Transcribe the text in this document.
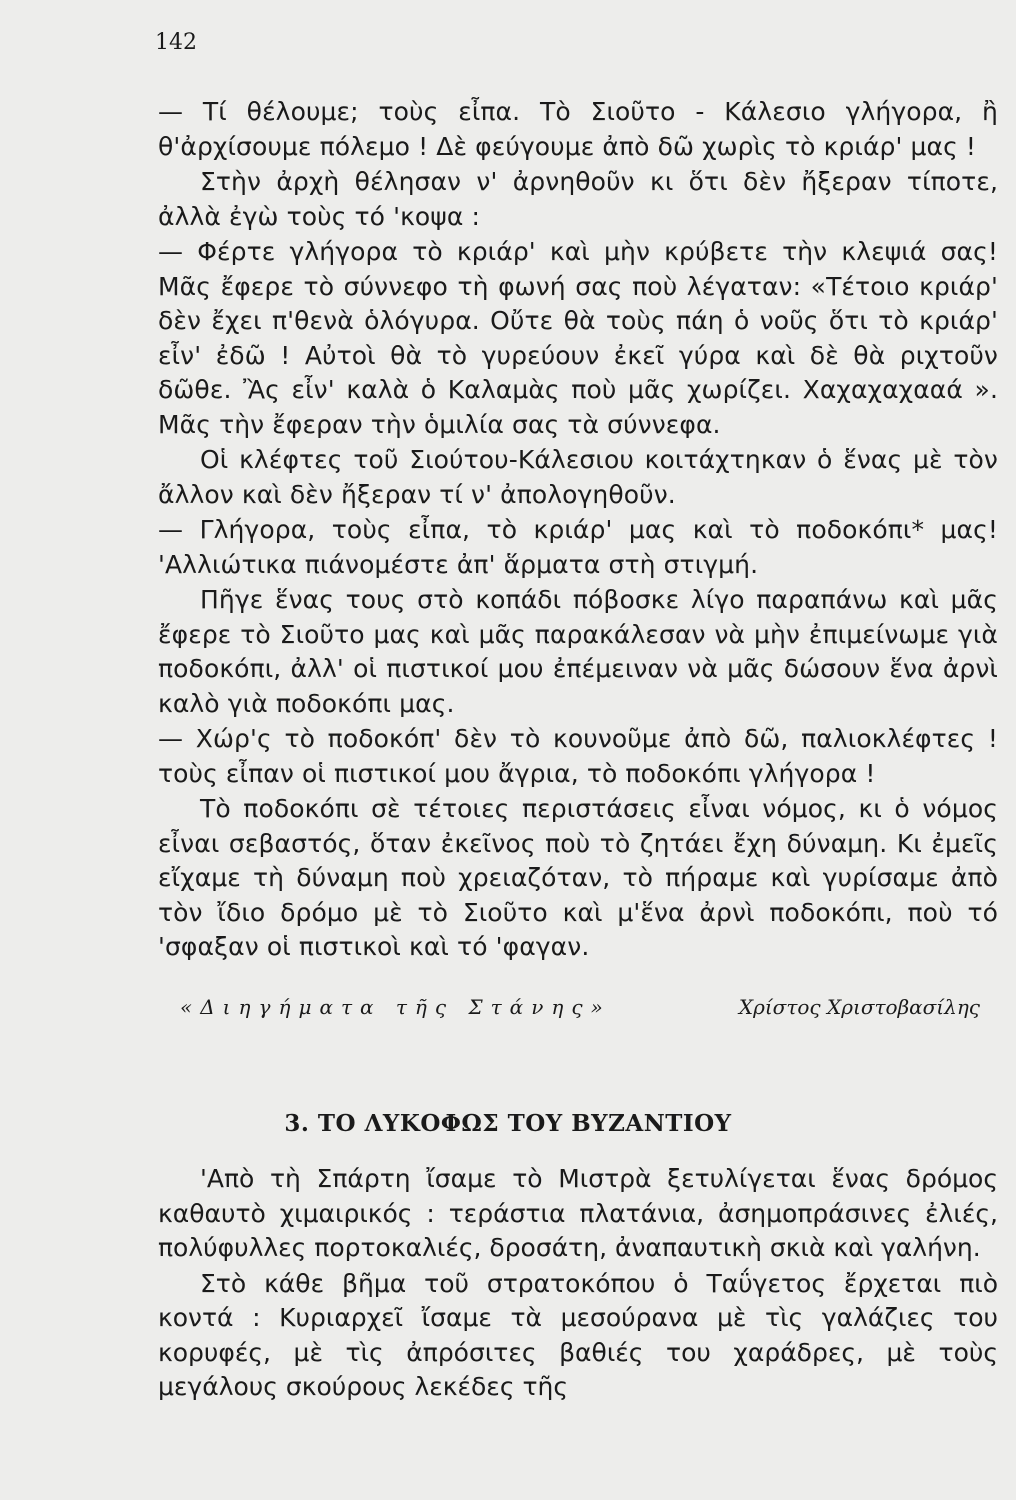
142

— Τί θέλουμε; τοὺς εἶπα. Τὸ Σιοῦτο - Κάλεσιο γλήγορα, ἢ θ'ἀρχίσουμε πόλεμο ! Δὲ φεύγουμε ἀπὸ δῶ χωρὶς τὸ κριάρ' μας !

Στὴν ἀρχὴ θέλησαν ν' ἀρνηθοῦν κι ὅτι δὲν ἤξεραν τίποτε, ἀλλὰ ἐγὼ τοὺς τό 'κοψα :

— Φέρτε γλήγορα τὸ κριάρ' καὶ μὴν κρύβετε τὴν κλεψιά σας! Μᾶς ἔφερε τὸ σύννεφο τὴ φωνή σας ποὺ λέγαταν: «Τέτοιο κριάρ' δὲν ἔχει π'θενὰ ὁλόγυρα. Οὔτε θὰ τοὺς πάη ὁ νοῦς ὅτι τὸ κριάρ' εἶν' ἐδῶ ! Αὐτοὶ θὰ τὸ γυρεύουν ἐκεῖ γύρα καὶ δὲ θὰ ριχτοῦν δῶθε. Ἂς εἶν' καλὰ ὁ Καλαμὰς ποὺ μᾶς χωρίζει. Χαχαχαχααά ». Μᾶς τὴν ἔφεραν τὴν ὁμιλία σας τὰ σύννεφα.

Οἱ κλέφτες τοῦ Σιούτου-Κάλεσιου κοιτάχτηκαν ὁ ἕνας μὲ τὸν ἄλλον καὶ δὲν ἤξεραν τί ν' ἀπολογηθοῦν.

— Γλήγορα, τοὺς εἶπα, τὸ κριάρ' μας καὶ τὸ ποδοκόπι* μας! 'Αλλιώτικα πιάνομέστε ἀπ' ἅρματα στὴ στιγμή.

Πῆγε ἕνας τους στὸ κοπάδι πόβοσκε λίγο παραπάνω καὶ μᾶς ἔφερε τὸ Σιοῦτο μας καὶ μᾶς παρακάλεσαν νὰ μὴν ἐπιμείνωμε γιὰ ποδοκόπι, ἀλλ' οἱ πιστικοί μου ἐπέμειναν νὰ μᾶς δώσουν ἕνα ἀρνὶ καλὸ γιὰ ποδοκόπι μας.

— Χώρ'ς τὸ ποδοκόπ' δὲν τὸ κουνοῦμε ἀπὸ δῶ, παλιοκλέφτες ! τοὺς εἶπαν οἱ πιστικοί μου ἄγρια, τὸ ποδοκόπι γλήγορα !

Τὸ ποδοκόπι σὲ τέτοιες περιστάσεις εἶναι νόμος, κι ὁ νόμος εἶναι σεβαστός, ὅταν ἐκεῖνος ποὺ τὸ ζητάει ἔχη δύναμη. Κι ἐμεῖς εἴχαμε τὴ δύναμη ποὺ χρειαζόταν, τὸ πήραμε καὶ γυρίσαμε ἀπὸ τὸν ἴδιο δρόμο μὲ τὸ Σιοῦτο καὶ μ'ἕνα ἀρνὶ ποδοκόπι, ποὺ τό 'σφαξαν οἱ πιστικοὶ καὶ τό 'φαγαν.

«Διηγήματα τῆς Στάνης»	Χρίστος Χριστοβασίλης
3. ΤΟ ΛΥΚΟΦΩΣ ΤΟΥ ΒΥΖΑΝΤΙΟΥ

'Απὸ τὴ Σπάρτη ἴσαμε τὸ Μιστρὰ ξετυλίγεται ἕνας δρόμος καθαυτὸ χιμαιρικός : τεράστια πλατάνια, ἀσημοπράσινες ἐλιές, πολύφυλλες πορτοκαλιές, δροσάτη, ἀναπαυτικὴ σκιὰ καὶ γαλήνη.

Στὸ κάθε βῆμα τοῦ στρατοκόπου ὁ Ταΰγετος ἔρχεται πιὸ κοντά : Κυριαρχεῖ ἴσαμε τὰ μεσούρανα μὲ τὶς γαλάζιες του κορυφές, μὲ τὶς ἀπρόσιτες βαθιές του χαράδρες, μὲ τοὺς μεγάλους σκούρους λεκέδες τῆς
